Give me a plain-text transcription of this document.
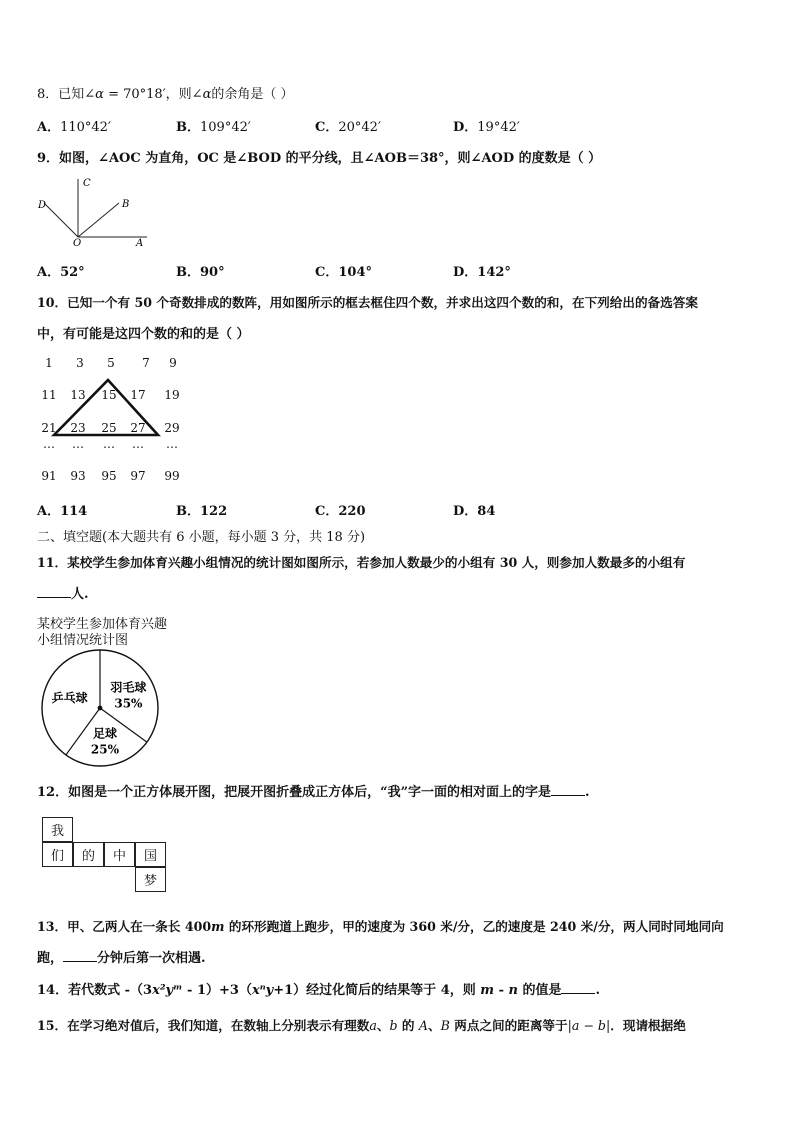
8．已知∠α = 70°18′，则∠α的余角是（ ）
A．110°42′	B．109°42′	C．20°42′	D．19°42′
9．如图，∠AOC 为直角，OC 是∠BOD 的平分线，且∠AOB＝38°，则∠AOD 的度数是（ ）
C
D	B
O	A
A．52°	B．90°	C．104°	D．142°
10．已知一个有 50 个奇数排成的数阵，用如图所示的框去框住四个数，并求出这四个数的和，在下列给出的备选答案
中，有可能是这四个数的和的是（ ）
1	3	5	7	9
11	13	15	17	19
21	23	25	27	29
…	…	…	…	…
91	93	95	97	99
A．114	B．122	C．220	D．84
二、填空题(本大题共有 6 小题，每小题 3 分，共 18 分)
11．某校学生参加体育兴趣小组情况的统计图如图所示，若参加人数最少的小组有 30 人，则参加人数最多的小组有
人.
某校学生参加体育兴趣
小组情况统计图
羽毛球
35%
足球
25%
乒乓球
12．如图是一个正方体展开图，把展开图折叠成正方体后，“我”字一面的相对面上的字是	.
我
们	的	中	国
梦
13．甲、乙两人在一条长 400m 的环形跑道上跑步，甲的速度为 360 米/分，乙的速度是 240 米/分，两人同时同地同向
跑，	分钟后第一次相遇.
14．若代数式 -（3x²yᵐ - 1）+3（xⁿy+1）经过化简后的结果等于 4，则 m - n 的值是	.
15．在学习绝对值后，我们知道，在数轴上分别表示有理数a、b 的 A、B 两点之间的距离等于|a − b|．现请根据绝
